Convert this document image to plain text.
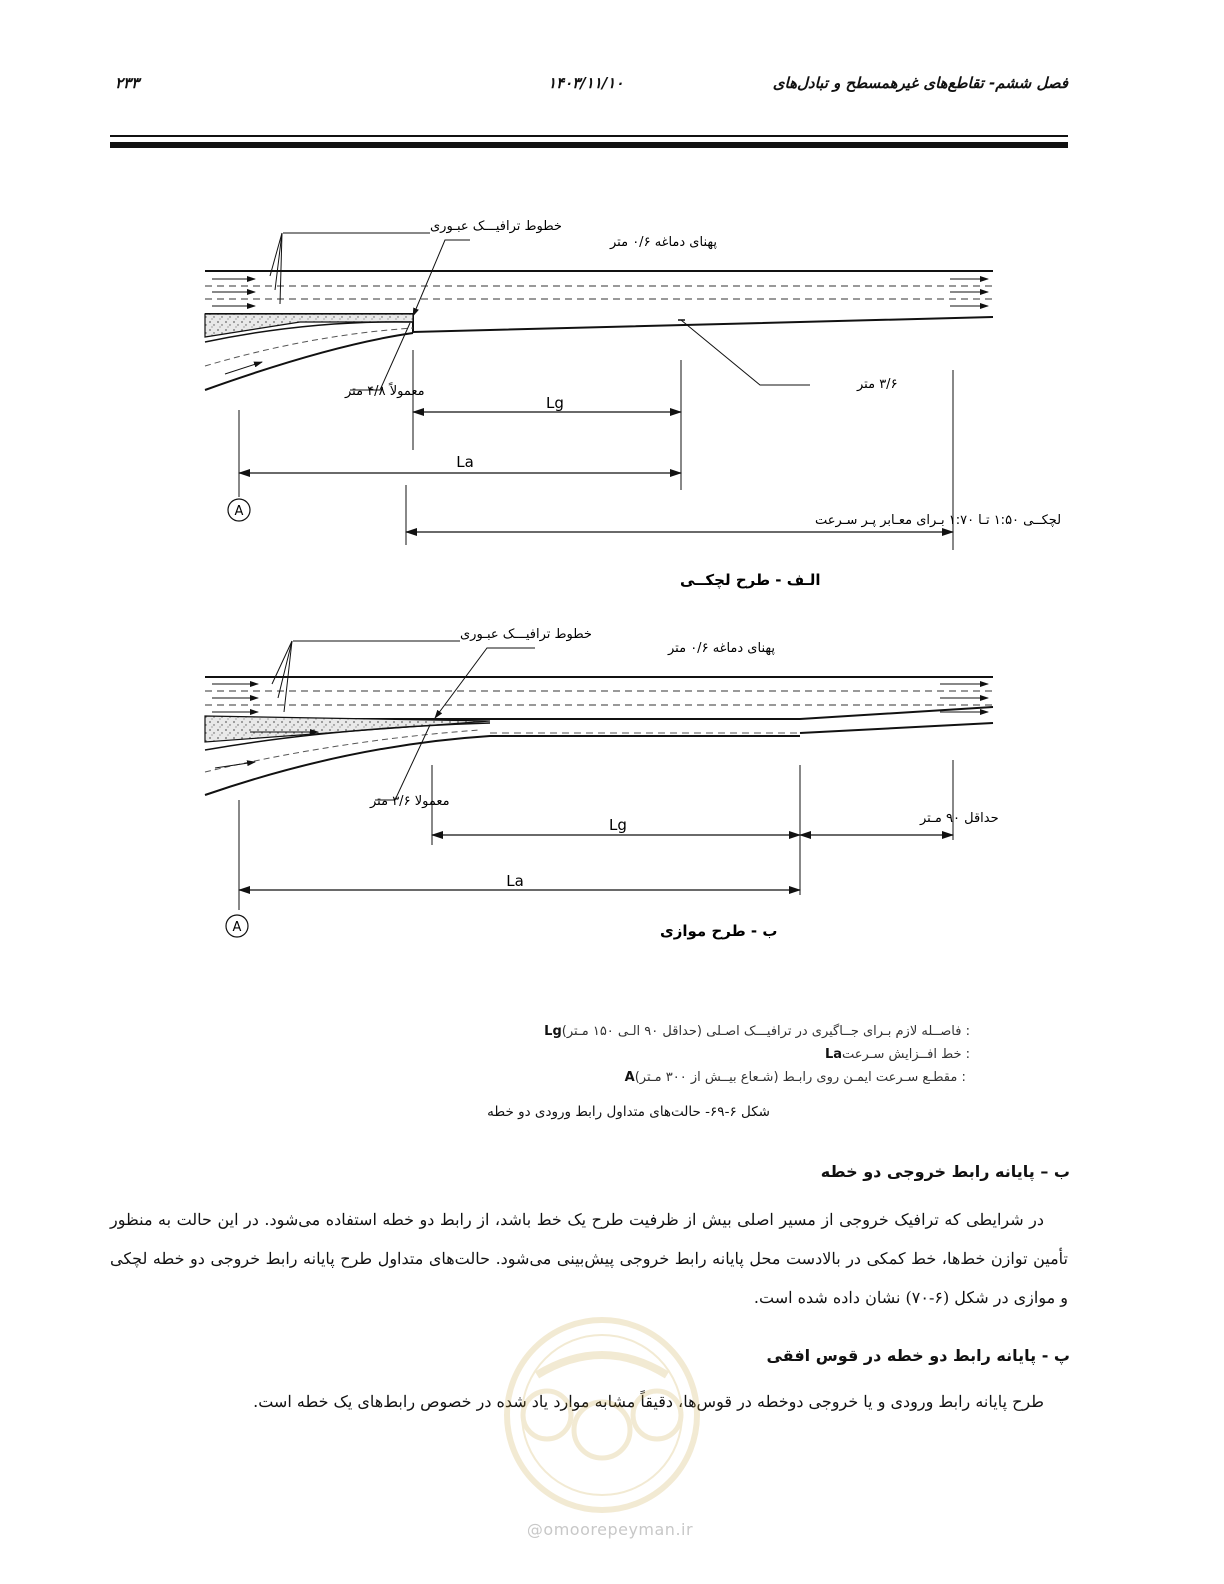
۲۳۳	۱۴۰۳/۱۱/۱۰	فصل ششم- تقاطع‌های غیرهمسطح و تبادل‌های
خطوط ترافیـــک عبـوری
پهنای دماغه ۰/۶ متر
۳/۶ متر
معمولاً ۴/۸ متر
Lg
La
A
لچکــی ۱:۵۰ تـا ۱:۷۰ بـرای معـابر پـر سـرعت
الـف - طرح لچکــی
خطوط ترافیـــک عبـوری
پهنای دماغه ۰/۶ متر
معمولا ۳/۶ متر
حداقل ۹۰ مـتر
Lg
La
A	ب - طرح موازی
Lg: فاصــله لازم بـرای جــاگیری در ترافیـــک اصـلی (حداقل ۹۰ الـی ۱۵۰ مـتر)
La: خط افــزایش سـرعت
A : مقطـع سـرعت ایمـن روی رابـط (شـعاع بیــش از ۳۰۰ مـتر)
شکل ۶-۶۹- حالت‌های متداول رابط ورودی دو خطه
ب – پایانه رابط خروجی دو خطه

در شرایطی که ترافیک خروجی از مسیر اصلی بیش از ظرفیت طرح یک خط باشد، از رابط دو خطه استفاده می‌شود. در این حالت به منظور تأمین توازن خط‌ها، خط کمکی در بالادست محل پایانه رابط خروجی پیش‌بینی می‌شود. حالت‌های متداول طرح پایانه رابط خروجی دو خطه لچکی و موازی در شکل (۶-۷۰) نشان داده شده است.

پ - پایانه رابط دو خطه در قوس افقی

طرح پایانه رابط ورودی و یا خروجی دوخطه در قوس‌ها، دقیقاً مشابه موارد یاد شده در خصوص رابط‌های یک خطه است.

@omoorepeyman.ir
